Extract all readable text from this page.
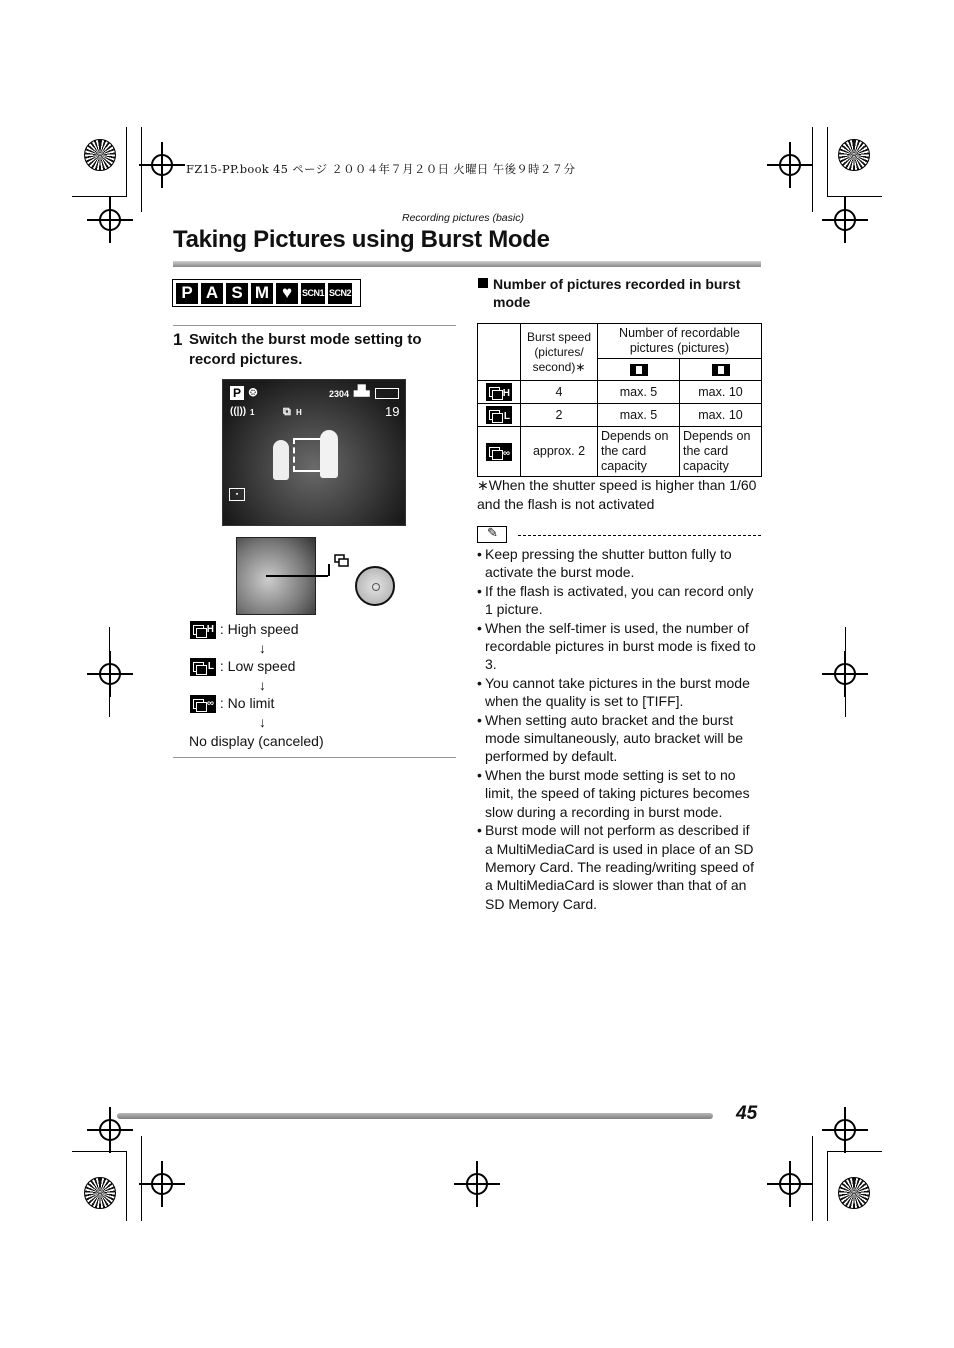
FZ15-PP.book 45 ページ ２００４年７月２０日 火曜日 午後９時２７分
Recording pictures (basic)
Taking Pictures using Burst Mode
P A S M ♥	SCN1 SCN2
1 Switch the burst mode setting to record pictures.
P ⊛	2304 ▟▙
((|)) 1	⧉ H	19
▪
H : High speed
↓
L : Low speed
↓
∞ : No limit
↓
No display (canceled)
Number of pictures recorded in burst mode
	Burst speed (pictures/ second)∗	Number of recordable pictures (pictures)	

H	4	max. 5	max. 10

L	2	max. 5	max. 10

∞	approx. 2	Depends on the card capacity	Depends on the card capacity
∗When the shutter speed is higher than 1/60 and the flash is not activated
✎
• Keep pressing the shutter button fully to activate the burst mode.
• If the flash is activated, you can record only 1 picture.
• When the self-timer is used, the number of recordable pictures in burst mode is fixed to 3.
• You cannot take pictures in the burst mode when the quality is set to [TIFF].
• When setting auto bracket and the burst mode simultaneously, auto bracket will be performed by default.
• When the burst mode setting is set to no limit, the speed of taking pictures becomes slow during a recording in burst mode.
• Burst mode will not perform as described if a MultiMediaCard is used in place of an SD Memory Card. The reading/writing speed of a MultiMediaCard is slower than that of an SD Memory Card.
45
